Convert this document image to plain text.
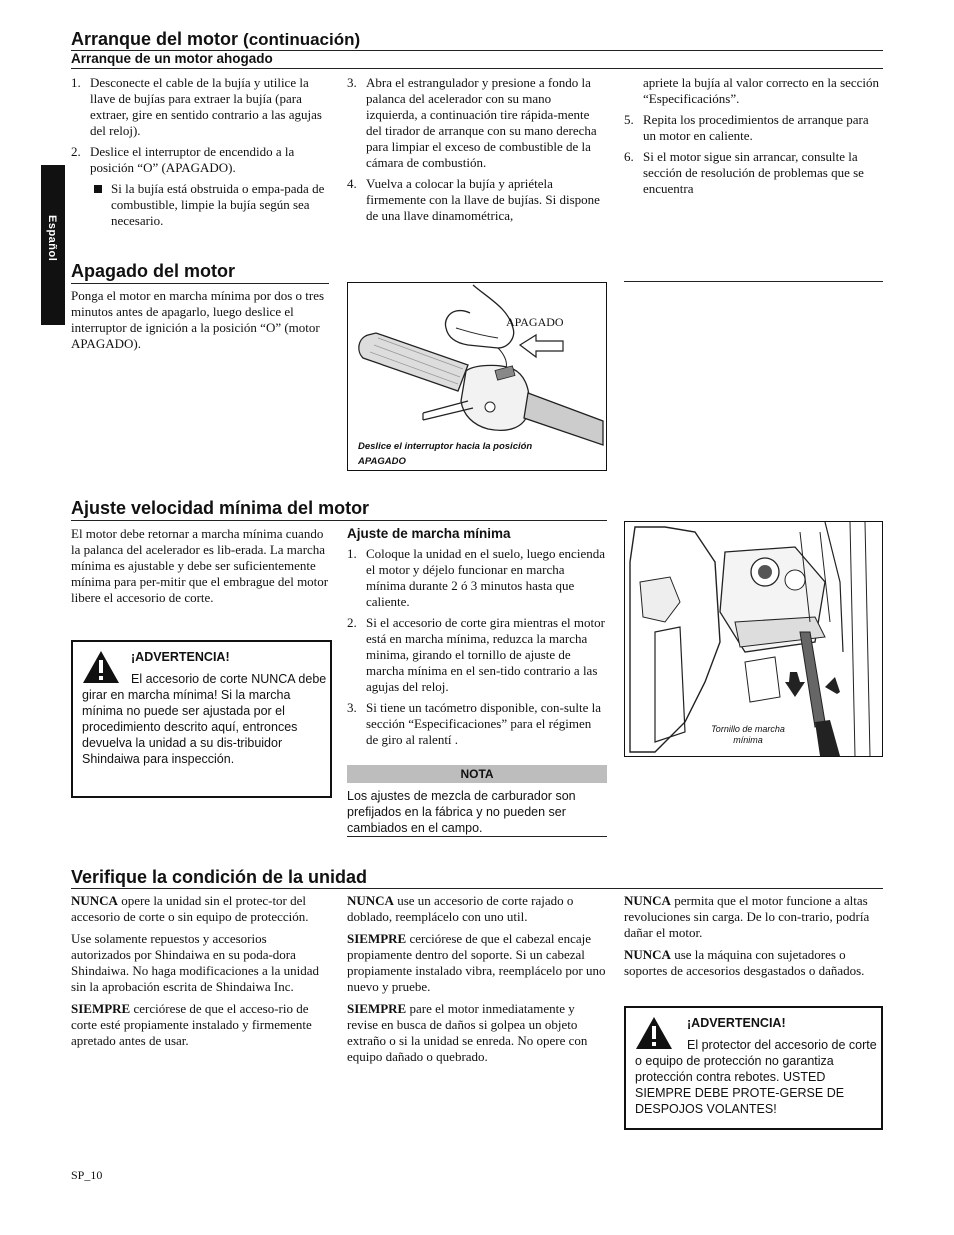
Español
Arranque del motor (continuación)
Arranque de un motor ahogado
1. Desconecte el cable de la bujía y utilice la llave de bujías para extraer la bujía (para extraer, gire en sentido contrario a las agujas del reloj).
2. Deslice el interruptor de encendido a la posición “O” (APAGADO).
Si la bujía está obstruida o empa-pada de combustible, limpie la bujía según sea necesario.
3. Abra el estrangulador y presione a fondo la palanca del acelerador con su mano izquierda, a continuación tire rápida-mente del tirador de arranque con su mano derecha para limpiar el exceso de combustible de la cámara de combustión.
4. Vuelva a colocar la bujía y apriétela firmemente con la llave de bujías. Si dispone de una llave dinamométrica,
apriete la bujía al valor correcto en la sección “Especificacións”.
5. Repita los procedimientos de arranque para un motor en caliente.
6. Si el motor sigue sin arrancar, consulte la sección de resolución de problemas que se encuentra
Apagado del motor

Ponga el motor en marcha mínima por dos o tres minutos antes de apagarlo, luego deslice el interruptor de ignición a la posición “O” (motor APAGADO).

APAGADO
Deslice el interruptor hacia la posición APAGADO
Ajuste velocidad mínima del motor

El motor debe retornar a marcha mínima cuando la palanca del acelerador es lib-erada. La marcha mínima es ajustable y debe ser suficientemente mínima para per-mitir que el embrague del motor libere el accesorio de corte.

¡ADVERTENCIA!
El accesorio de corte NUNCA debe girar en marcha mínima! Si la marcha mínima no puede ser ajustada por el procedimiento descrito aquí, entronces devuelva la unidad a su dis-tribuidor Shindaiwa para inspección.
Ajuste de marcha mínima
1. Coloque la unidad en el suelo, luego encienda el motor y déjelo funcionar en marcha mínima durante 2 ó 3 minutos hasta que caliente.
2. Si el accesorio de corte gira mientras el motor está en marcha mínima, reduzca la marcha minima, girando el tornillo de ajuste de marcha mínima en el sen-tido contrario a las agujas del reloj.
3. Si tiene un tacómetro disponible, con-sulte la sección “Especificaciones” para el régimen de giro al ralentí .
NOTA

Los ajustes de mezcla de carburador son prefijados en la fábrica y no pueden ser cambiados en el campo.

Tornillo de marcha mínima
Verifique la condición de la unidad

NUNCA opere la unidad sin el protec-tor del accesorio de corte o sin equipo de protección.

Use solamente repuestos y accesorios autorizados por Shindaiwa en su poda-dora Shindaiwa. No haga modificaciones a la unidad sin la aprobación escrita de Shindaiwa Inc.

SIEMPRE cerciórese de que el acceso-rio de corte esté propiamente instalado y firmemente apretado antes de usar.

NUNCA use un accesorio de corte rajado o doblado, reemplácelo con uno util.

SIEMPRE cerciórese de que el cabezal encaje propiamente dentro del soporte. Si un cabezal propiamente instalado vibra, reemplácelo por uno nuevo y pruebe.

SIEMPRE pare el motor inmediatamente y revise en busca de daños si golpea un objeto extraño o si la unidad se enreda. No opere con equipo dañado o quebrado.

NUNCA permita que el motor funcione a altas revoluciones sin carga. De lo con-trario, podría dañar el motor.

NUNCA use la máquina con sujetadores o soportes de accesorios desgastados o dañados.

¡ADVERTENCIA!
El protector del accesorio de corte o equipo de protección no garantiza protección contra rebotes. USTED SIEMPRE DEBE PROTE-GERSE DE DESPOJOS VOLANTES!
SP_10
